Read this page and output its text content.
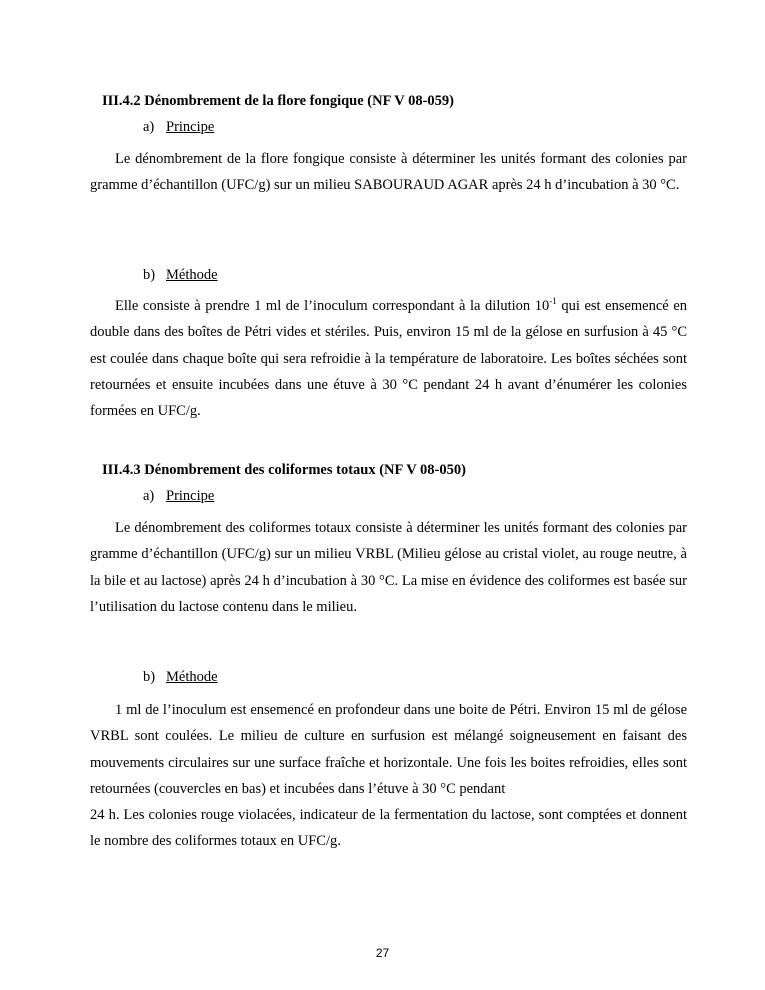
III.4.2 Dénombrement de la flore fongique (NF V 08-059)
a) Principe

Le dénombrement de la flore fongique consiste à déterminer les unités formant des colonies par gramme d’échantillon (UFC/g) sur un milieu SABOURAUD AGAR après 24 h d’incubation à 30 °C.

b) Méthode

Elle consiste à prendre 1 ml de l’inoculum correspondant à la dilution $10^{-1}$ qui est ensemencé en double dans des boîtes de Pétri vides et stériles. Puis, environ 15 ml de la gélose en surfusion à 45 °C est coulée dans chaque boîte qui sera refroidie à la température de laboratoire. Les boîtes séchées sont retournées et ensuite incubées dans une étuve à 30 °C pendant 24 h avant d’énumérer les colonies formées en UFC/g.

III.4.3 Dénombrement des coliformes totaux (NF V 08-050)
a) Principe

Le dénombrement des coliformes totaux consiste à déterminer les unités formant des colonies par gramme d’échantillon (UFC/g) sur un milieu VRBL (Milieu gélose au cristal violet, au rouge neutre, à la bile et au lactose) après 24 h d’incubation à 30 °C. La mise en évidence des coliformes est basée sur l’utilisation du lactose contenu dans le milieu.

b) Méthode

1 ml de l’inoculum est ensemencé en profondeur dans une boite de Pétri. Environ 15 ml de gélose VRBL sont coulées. Le milieu de culture en surfusion est mélangé soigneusement en faisant des mouvements circulaires sur une surface fraîche et horizontale. Une fois les boites refroidies, elles sont retournées (couvercles en bas) et incubées dans l’étuve à 30 °C pendant

24 h. Les colonies rouge violacées, indicateur de la fermentation du lactose, sont comptées et donnent le nombre des coliformes totaux en UFC/g.

27
